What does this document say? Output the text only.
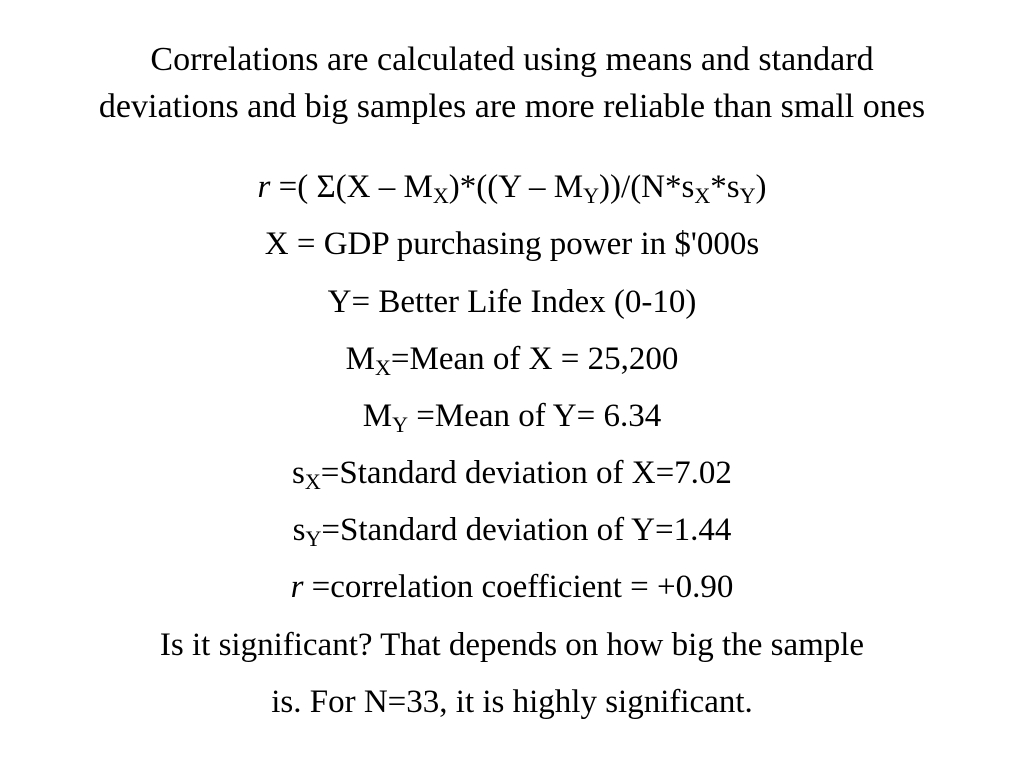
Correlations are calculated using means and standard
deviations and big samples are more reliable than small ones
r =( $\Sigma(X - M_X)*((Y - M_Y))/(N*s_X*s_Y)$
X = GDP purchasing power in $'000s
Y= Better Life Index (0-10)
$M_X=Mean$ of X = 25,200
$M_Y$ =Mean of Y= 6.34
$s_X=Standard$ deviation of X=7.02
$s_Y=Standard$ deviation of Y=1.44
r =correlation coefficient = +0.90
Is it significant? That depends on how big the sample
is. For N=33, it is highly significant.
